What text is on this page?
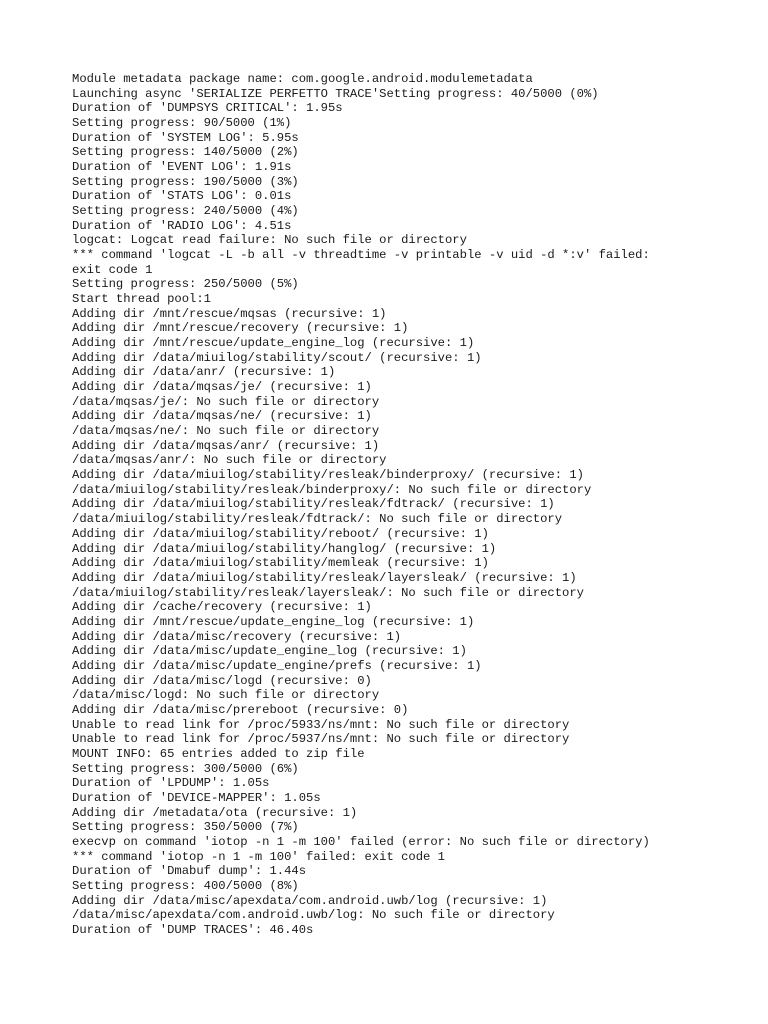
Module metadata package name: com.google.android.modulemetadata
Launching async 'SERIALIZE PERFETTO TRACE'Setting progress: 40/5000 (0%)
Duration of 'DUMPSYS CRITICAL': 1.95s
Setting progress: 90/5000 (1%)
Duration of 'SYSTEM LOG': 5.95s
Setting progress: 140/5000 (2%)
Duration of 'EVENT LOG': 1.91s
Setting progress: 190/5000 (3%)
Duration of 'STATS LOG': 0.01s
Setting progress: 240/5000 (4%)
Duration of 'RADIO LOG': 4.51s
logcat: Logcat read failure: No such file or directory
*** command 'logcat -L -b all -v threadtime -v printable -v uid -d *:v' failed:
exit code 1
Setting progress: 250/5000 (5%)
Start thread pool:1
Adding dir /mnt/rescue/mqsas (recursive: 1)
Adding dir /mnt/rescue/recovery (recursive: 1)
Adding dir /mnt/rescue/update_engine_log (recursive: 1)
Adding dir /data/miuilog/stability/scout/ (recursive: 1)
Adding dir /data/anr/ (recursive: 1)
Adding dir /data/mqsas/je/ (recursive: 1)
/data/mqsas/je/: No such file or directory
Adding dir /data/mqsas/ne/ (recursive: 1)
/data/mqsas/ne/: No such file or directory
Adding dir /data/mqsas/anr/ (recursive: 1)
/data/mqsas/anr/: No such file or directory
Adding dir /data/miuilog/stability/resleak/binderproxy/ (recursive: 1)
/data/miuilog/stability/resleak/binderproxy/: No such file or directory
Adding dir /data/miuilog/stability/resleak/fdtrack/ (recursive: 1)
/data/miuilog/stability/resleak/fdtrack/: No such file or directory
Adding dir /data/miuilog/stability/reboot/ (recursive: 1)
Adding dir /data/miuilog/stability/hanglog/ (recursive: 1)
Adding dir /data/miuilog/stability/memleak (recursive: 1)
Adding dir /data/miuilog/stability/resleak/layersleak/ (recursive: 1)
/data/miuilog/stability/resleak/layersleak/: No such file or directory
Adding dir /cache/recovery (recursive: 1)
Adding dir /mnt/rescue/update_engine_log (recursive: 1)
Adding dir /data/misc/recovery (recursive: 1)
Adding dir /data/misc/update_engine_log (recursive: 1)
Adding dir /data/misc/update_engine/prefs (recursive: 1)
Adding dir /data/misc/logd (recursive: 0)
/data/misc/logd: No such file or directory
Adding dir /data/misc/prereboot (recursive: 0)
Unable to read link for /proc/5933/ns/mnt: No such file or directory
Unable to read link for /proc/5937/ns/mnt: No such file or directory
MOUNT INFO: 65 entries added to zip file
Setting progress: 300/5000 (6%)
Duration of 'LPDUMP': 1.05s
Duration of 'DEVICE-MAPPER': 1.05s
Adding dir /metadata/ota (recursive: 1)
Setting progress: 350/5000 (7%)
execvp on command 'iotop -n 1 -m 100' failed (error: No such file or directory)
*** command 'iotop -n 1 -m 100' failed: exit code 1
Duration of 'Dmabuf dump': 1.44s
Setting progress: 400/5000 (8%)
Adding dir /data/misc/apexdata/com.android.uwb/log (recursive: 1)
/data/misc/apexdata/com.android.uwb/log: No such file or directory
Duration of 'DUMP TRACES': 46.40s
